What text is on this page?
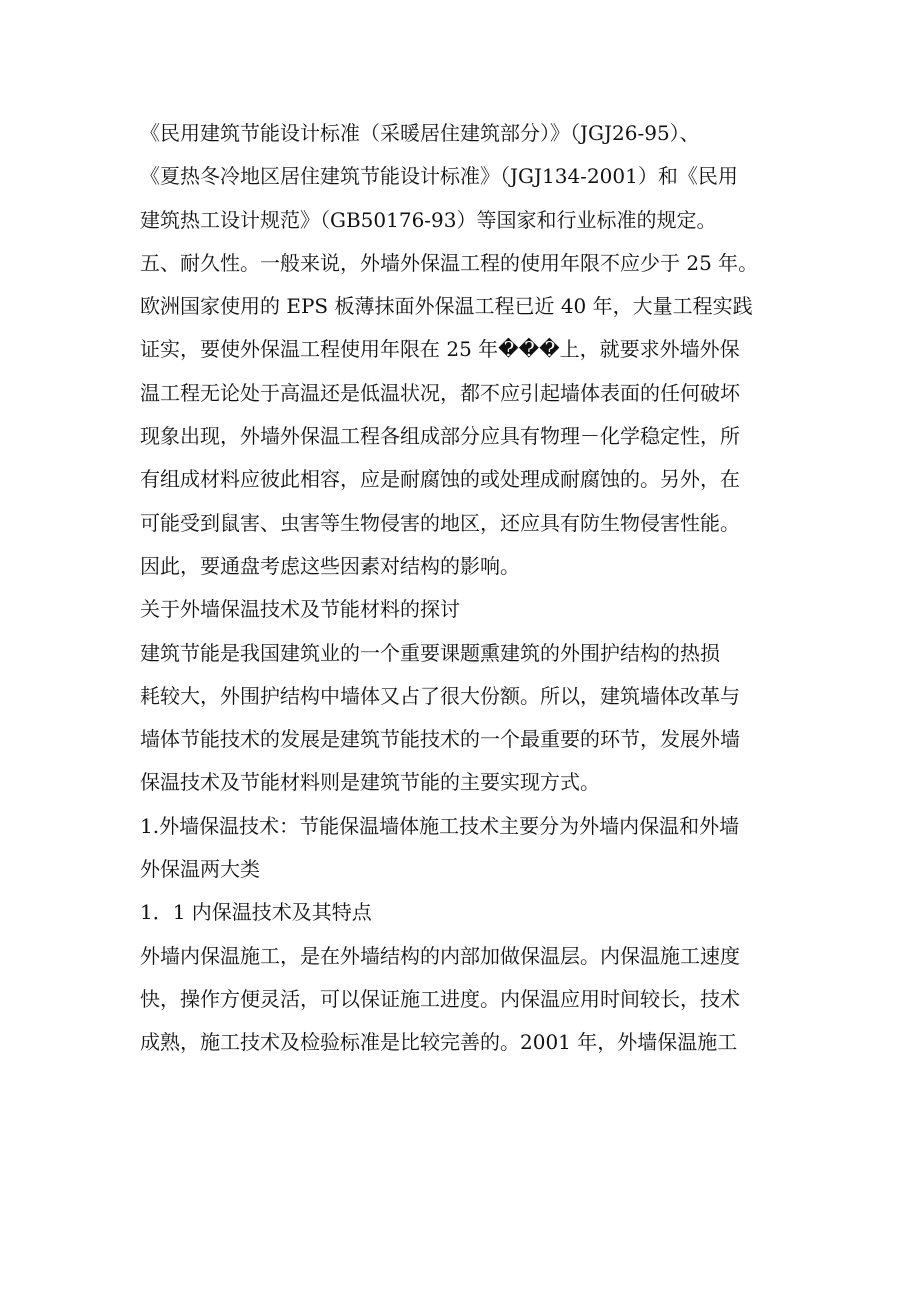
《民用建筑节能设计标准（采暖居住建筑部分）》（JGJ26-95）、
《夏热冬冷地区居住建筑节能设计标准》（JGJ134-2001）和《民用
建筑热工设计规范》（GB50176-93）等国家和行业标准的规定。
五、耐久性。一般来说，外墙外保温工程的使用年限不应少于 25 年。
欧洲国家使用的 EPS 板薄抹面外保温工程已近 40 年，大量工程实践
证实，要使外保温工程使用年限在 25 年���上，就要求外墙外保
温工程无论处于高温还是低温状况，都不应引起墙体表面的任何破坏
现象出现，外墙外保温工程各组成部分应具有物理－化学稳定性，所
有组成材料应彼此相容，应是耐腐蚀的或处理成耐腐蚀的。另外，在
可能受到鼠害、虫害等生物侵害的地区，还应具有防生物侵害性能。
因此，要通盘考虑这些因素对结构的影响。
关于外墙保温技术及节能材料的探讨
建筑节能是我国建筑业的一个重要课题熏建筑的外围护结构的热损
耗较大，外围护结构中墙体又占了很大份额。所以，建筑墙体改革与
墙体节能技术的发展是建筑节能技术的一个最重要的环节，发展外墙
保温技术及节能材料则是建筑节能的主要实现方式。
1.外墙保温技术：节能保温墙体施工技术主要分为外墙内保温和外墙
外保温两大类
1．1 内保温技术及其特点
外墙内保温施工，是在外墙结构的内部加做保温层。内保温施工速度
快，操作方便灵活，可以保证施工进度。内保温应用时间较长，技术
成熟，施工技术及检验标准是比较完善的。2001 年，外墙保温施工
